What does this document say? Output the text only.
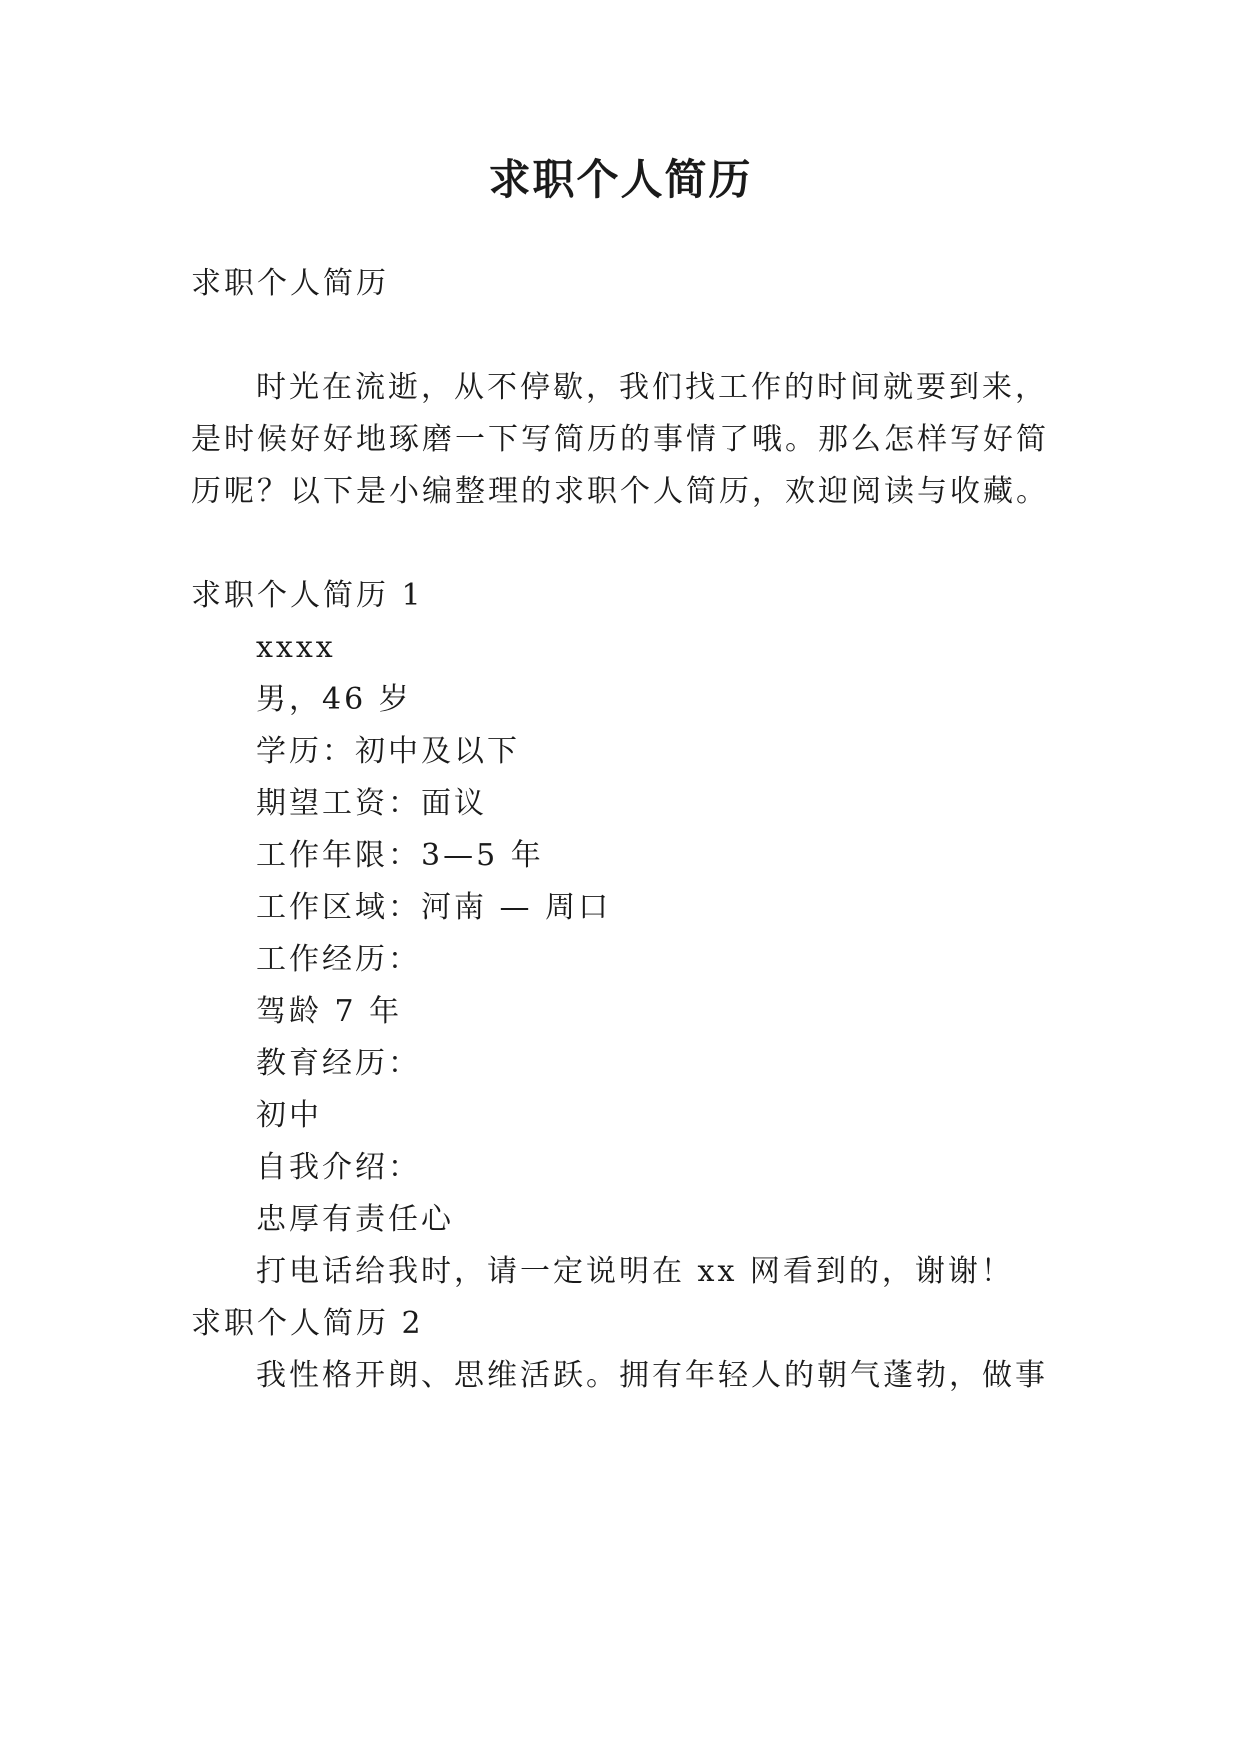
求职个人简历
求职个人简历
时光在流逝，从不停歇，我们找工作的时间就要到来，
是时候好好地琢磨一下写简历的事情了哦。那么怎样写好简
历呢？以下是小编整理的求职个人简历，欢迎阅读与收藏。
求职个人简历 1
xxxx
男，46 岁
学历：初中及以下
期望工资：面议
工作年限：3—5 年
工作区域：河南 — 周口
工作经历：
驾龄 7 年
教育经历：
初中
自我介绍：
忠厚有责任心
打电话给我时，请一定说明在 xx 网看到的，谢谢！
求职个人简历 2
我性格开朗、思维活跃。拥有年轻人的朝气蓬勃，做事
